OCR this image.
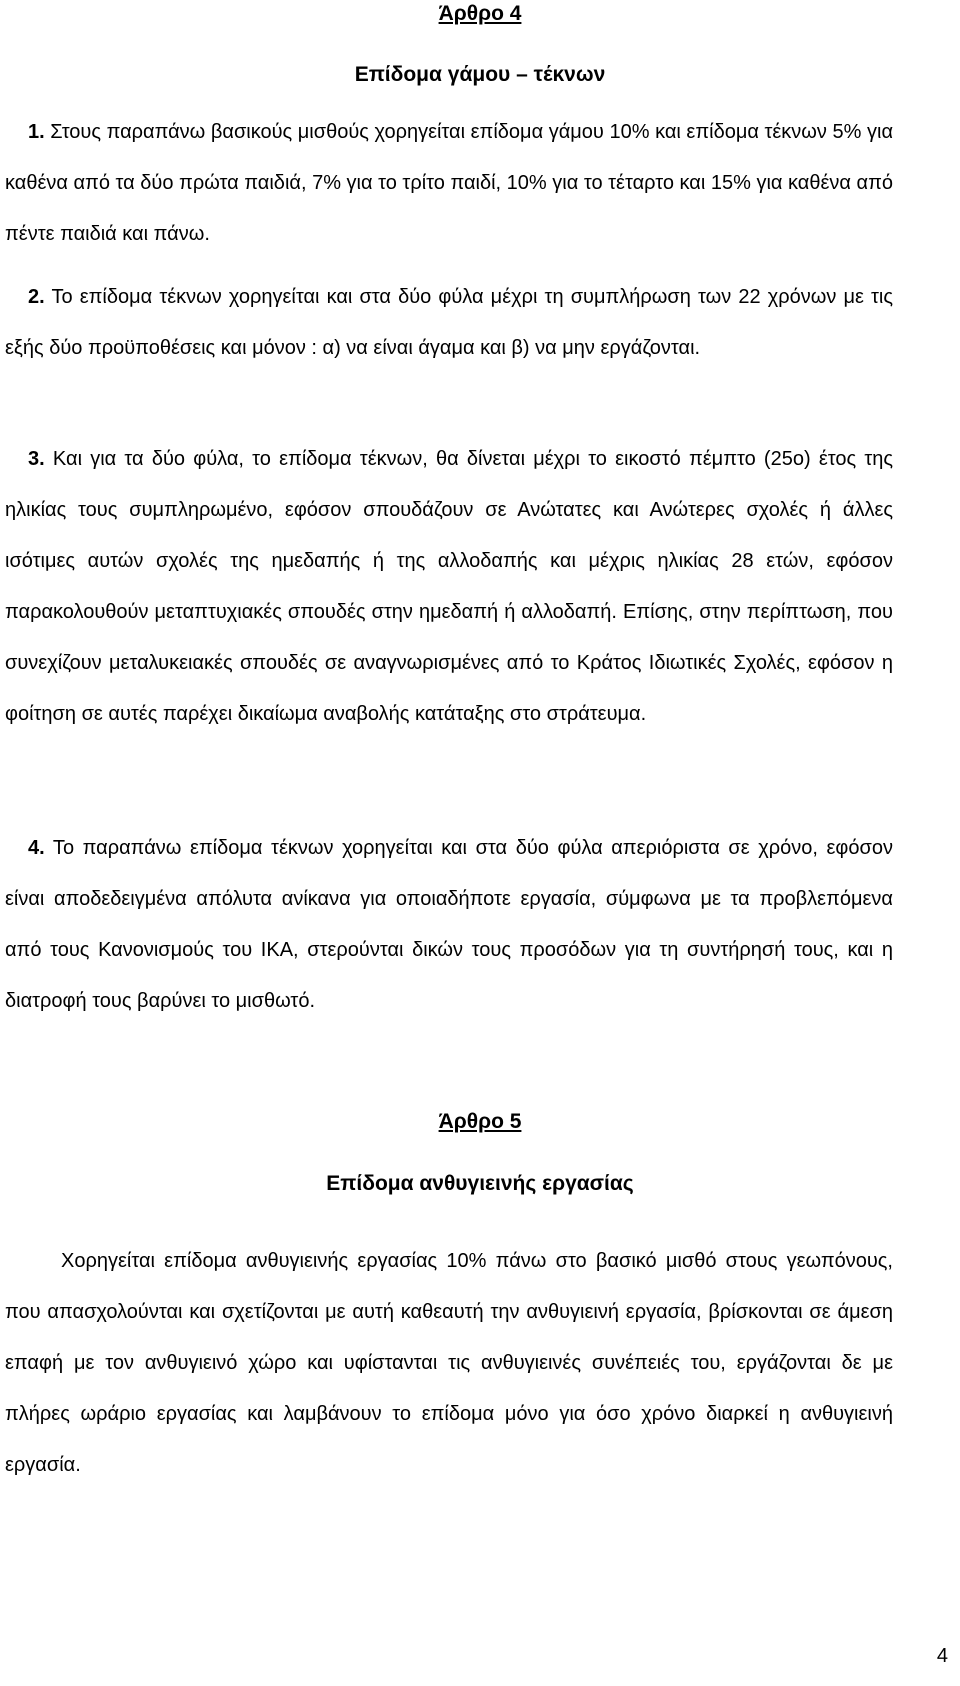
Άρθρο 4
Επίδομα γάμου – τέκνων

1. Στους παραπάνω βασικούς μισθούς χορηγείται επίδομα γάμου 10% και επίδομα τέκνων 5% για καθένα από τα δύο πρώτα παιδιά, 7% για το τρίτο παιδί, 10% για το τέταρτο και 15% για καθένα από πέντε παιδιά και πάνω.

2. Το επίδομα τέκνων χορηγείται και στα δύο φύλα μέχρι τη συμπλήρωση των 22 χρόνων με τις εξής δύο προϋποθέσεις και μόνον : α) να είναι άγαμα και β) να μην εργάζονται.

3. Και για τα δύο φύλα, το επίδομα τέκνων, θα δίνεται μέχρι το εικοστό πέμπτο (25ο) έτος της ηλικίας τους συμπληρωμένο, εφόσον σπουδάζουν σε Ανώτατες και Ανώτερες σχολές ή άλλες ισότιμες αυτών σχολές της ημεδαπής ή της αλλοδαπής και μέχρις ηλικίας 28 ετών, εφόσον παρακολουθούν μεταπτυχιακές σπουδές στην ημεδαπή ή αλλοδαπή. Επίσης, στην περίπτωση, που συνεχίζουν μεταλυκειακές σπουδές σε αναγνωρισμένες από το Κράτος Ιδιωτικές Σχολές, εφόσον η φοίτηση σε αυτές παρέχει δικαίωμα αναβολής κατάταξης στο στράτευμα.

4. Το παραπάνω επίδομα τέκνων χορηγείται και στα δύο φύλα απεριόριστα σε χρόνο, εφόσον είναι αποδεδειγμένα απόλυτα ανίκανα για οποιαδήποτε εργασία, σύμφωνα με τα προβλεπόμενα από τους Κανονισμούς του ΙΚΑ, στερούνται δικών τους προσόδων για τη συντήρησή τους, και η διατροφή τους βαρύνει το μισθωτό.

Άρθρο 5
Επίδομα ανθυγιεινής εργασίας

Χορηγείται επίδομα ανθυγιεινής εργασίας 10% πάνω στο βασικό μισθό στους γεωπόνους, που απασχολούνται και σχετίζονται με αυτή καθεαυτή την ανθυγιεινή εργασία, βρίσκονται σε άμεση επαφή με τον ανθυγιεινό χώρο και υφίστανται τις ανθυγιεινές συνέπειές του, εργάζονται δε με πλήρες ωράριο εργασίας και λαμβάνουν το επίδομα μόνο για όσο χρόνο διαρκεί η ανθυγιεινή εργασία.

4
